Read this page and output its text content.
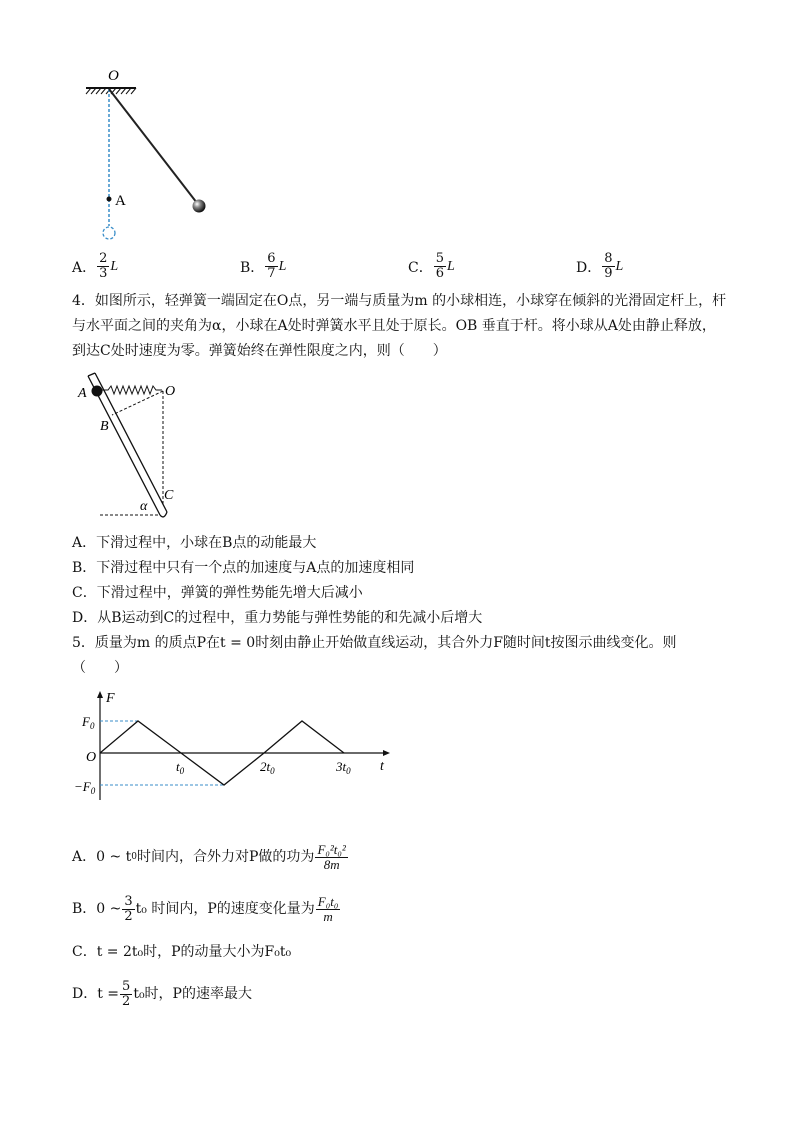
O
A
A． $\frac{2}{3}$ L	B． $\frac{6}{7}$ L	C． $\frac{5}{6}$ L	D． $\frac{8}{9}$ L
4．如图所示，轻弹簧一端固定在O点，另一端与质量为m 的小球相连，小球穿在倾斜的光滑固定杆上，杆
与水平面之间的夹角为α，小球在A处时弹簧水平且处于原长。OB 垂直于杆。将小球从A处由静止释放，
到达C处时速度为零。弹簧始终在弹性限度之内，则（　　）
A	O
B
C
α
A．下滑过程中，小球在B点的动能最大
B．下滑过程中只有一个点的加速度与A点的加速度相同
C．下滑过程中，弹簧的弹性势能先增大后减小
D．从B运动到C的过程中，重力势能与弹性势能的和先减小后增大
5．质量为m 的质点P在t = 0时刻由静止开始做直线运动，其合外力F随时间t按图示曲线变化。则
（　　）
F
t
O
$F_0$
$-F_0$
$t_0$	$2t_0$	$3t_0$
A．0 ~ t 0 时间内，合外力对P做的功为 $\frac{\text{F₀²t₀²}}{8m}$
B．0 ~ $\frac{3}{2} t_0$ 时间内，P的速度变化量为 $\frac{\text{F₀t₀}}{m}$
C．t = 2t₀时，P的动量大小为F₀t₀
D．$t = \frac{5}{2} t_0$时，P的速率最大
